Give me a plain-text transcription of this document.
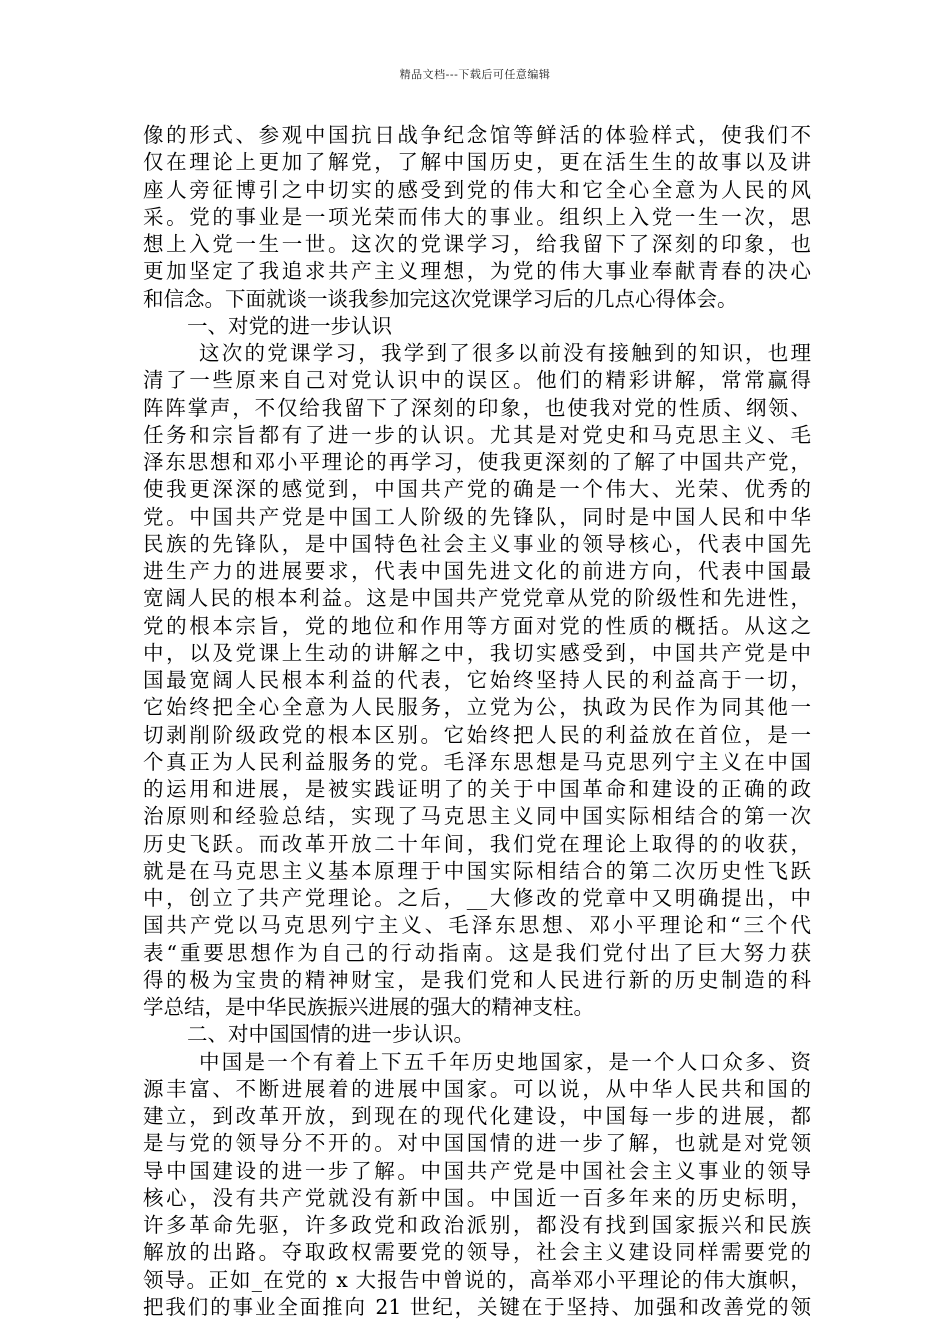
精品文档---下载后可任意编辑
像的形式、参观中国抗日战争纪念馆等鲜活的体验样式，使我们不
仅在理论上更加了解党，了解中国历史，更在活生生的故事以及讲
座人旁征博引之中切实的感受到党的伟大和它全心全意为人民的风
采。党的事业是一项光荣而伟大的事业。组织上入党一生一次，思
想上入党一生一世。这次的党课学习，给我留下了深刻的印象，也
更加坚定了我追求共产主义理想，为党的伟大事业奉献青春的决心
和信念。下面就谈一谈我参加完这次党课学习后的几点心得体会。
一、对党的进一步认识
这次的党课学习，我学到了很多以前没有接触到的知识，也理
清了一些原来自己对党认识中的误区。他们的精彩讲解，常常赢得
阵阵掌声，不仅给我留下了深刻的印象，也使我对党的性质、纲领、
任务和宗旨都有了进一步的认识。尤其是对党史和马克思主义、毛
泽东思想和邓小平理论的再学习，使我更深刻的了解了中国共产党，
使我更深深的感觉到，中国共产党的确是一个伟大、光荣、优秀的
党。中国共产党是中国工人阶级的先锋队，同时是中国人民和中华
民族的先锋队，是中国特色社会主义事业的领导核心，代表中国先
进生产力的进展要求，代表中国先进文化的前进方向，代表中国最
宽阔人民的根本利益。这是中国共产党党章从党的阶级性和先进性，
党的根本宗旨，党的地位和作用等方面对党的性质的概括。从这之
中，以及党课上生动的讲解之中，我切实感受到，中国共产党是中
国最宽阔人民根本利益的代表，它始终坚持人民的利益高于一切，
它始终把全心全意为人民服务，立党为公，执政为民作为同其他一
切剥削阶级政党的根本区别。它始终把人民的利益放在首位，是一
个真正为人民利益服务的党。毛泽东思想是马克思列宁主义在中国
的运用和进展，是被实践证明了的关于中国革命和建设的正确的政
治原则和经验总结，实现了马克思主义同中国实际相结合的第一次
历史飞跃。而改革开放二十年间，我们党在理论上取得的的收获，
就是在马克思主义基本原理于中国实际相结合的第二次历史性飞跃
中，创立了共产党理论。之后，__大修改的党章中又明确提出，中
国共产党以马克思列宁主义、毛泽东思想、邓小平理论和“三个代
表“重要思想作为自己的行动指南。这是我们党付出了巨大努力获
得的极为宝贵的精神财宝，是我们党和人民进行新的历史制造的科
学总结，是中华民族振兴进展的强大的精神支柱。
二、对中国国情的进一步认识。
中国是一个有着上下五千年历史地国家，是一个人口众多、资
源丰富、不断进展着的进展中国家。可以说，从中华人民共和国的
建立，到改革开放，到现在的现代化建设，中国每一步的进展，都
是与党的领导分不开的。对中国国情的进一步了解，也就是对党领
导中国建设的进一步了解。中国共产党是中国社会主义事业的领导
核心，没有共产党就没有新中国。中国近一百多年来的历史标明，
许多革命先驱，许多政党和政治派别，都没有找到国家振兴和民族
解放的出路。夺取政权需要党的领导，社会主义建设同样需要党的
领导。正如_在党的 x 大报告中曾说的，高举邓小平理论的伟大旗帜，
把我们的事业全面推向 21 世纪，关键在于坚持、加强和改善党的领
